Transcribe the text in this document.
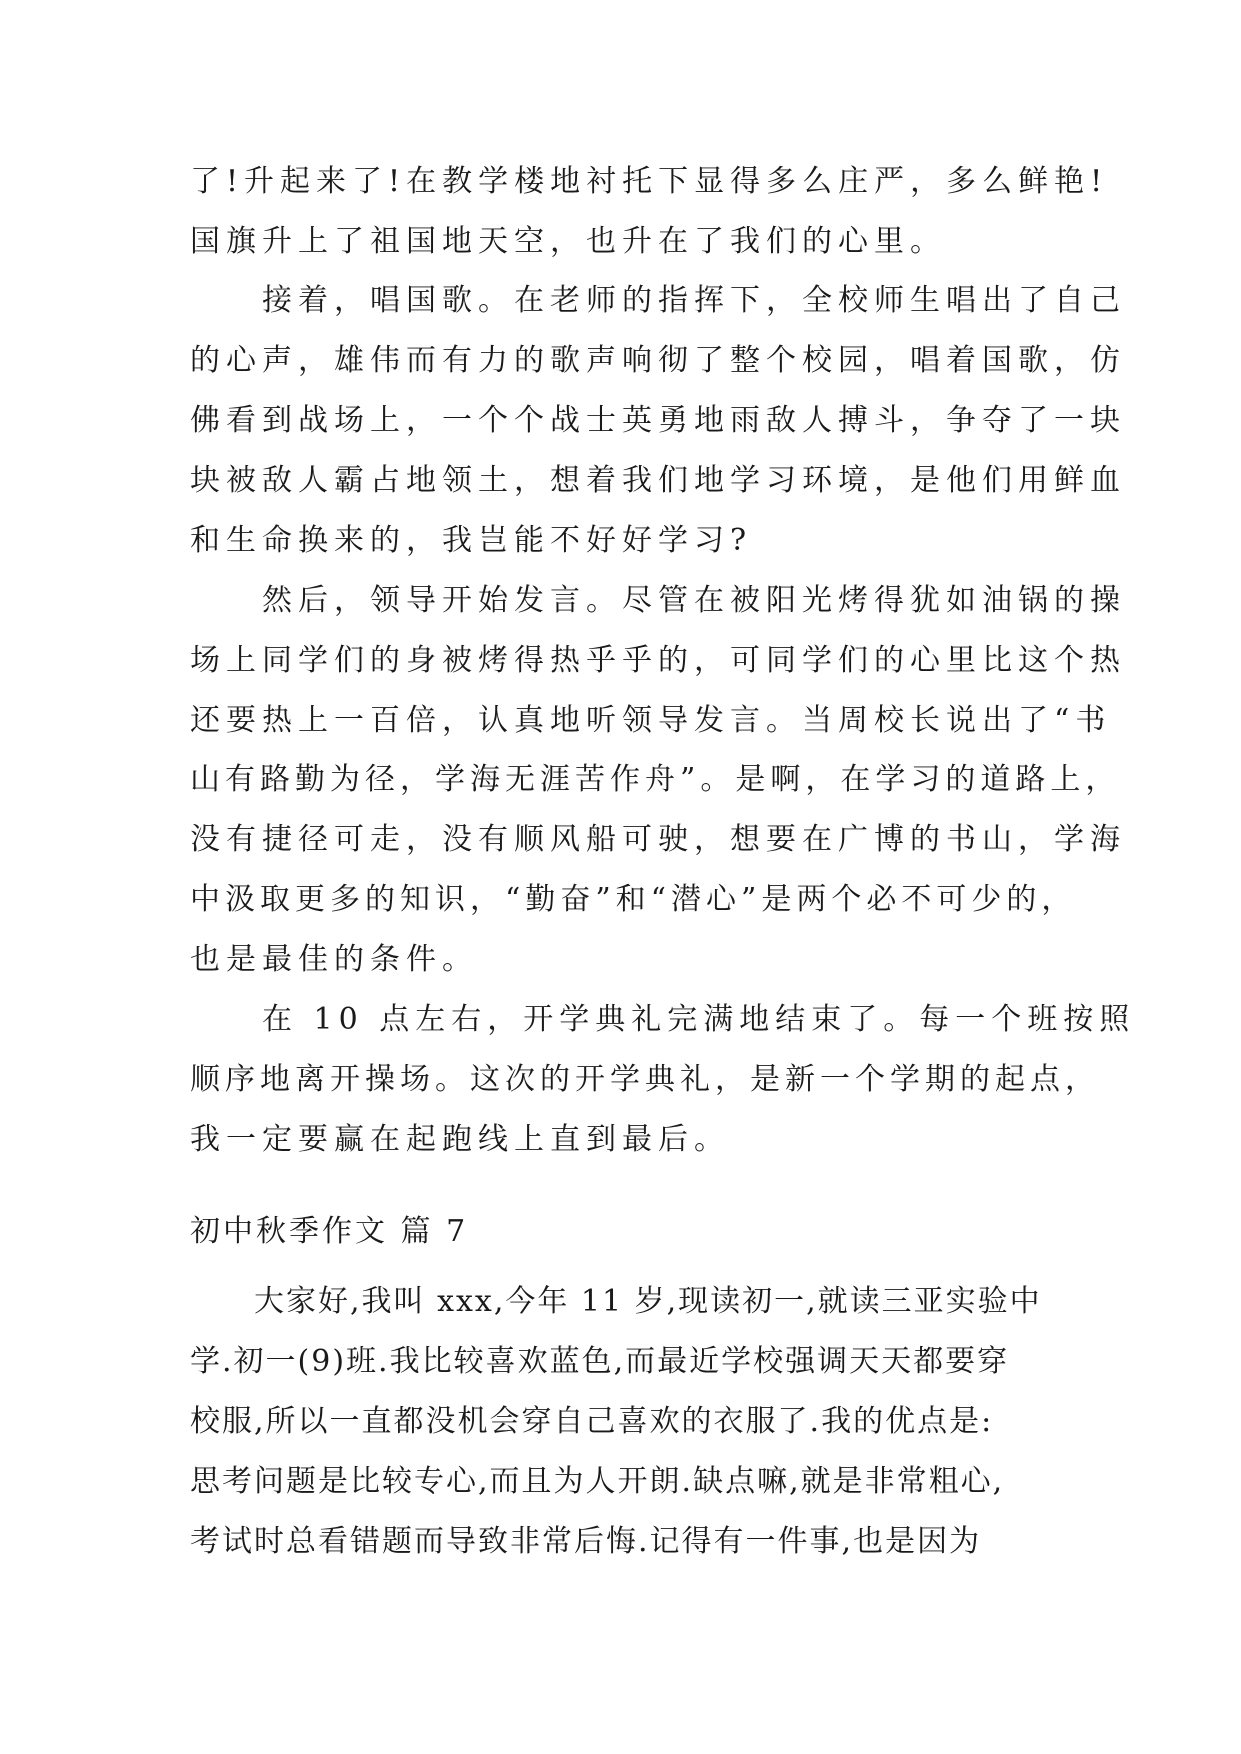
了!升起来了!在教学楼地衬托下显得多么庄严，多么鲜艳!
国旗升上了祖国地天空，也升在了我们的心里。
　　接着，唱国歌。在老师的指挥下，全校师生唱出了自己
的心声，雄伟而有力的歌声响彻了整个校园，唱着国歌，仿
佛看到战场上，一个个战士英勇地雨敌人搏斗，争夺了一块
块被敌人霸占地领土，想着我们地学习环境，是他们用鲜血
和生命换来的，我岂能不好好学习?
　　然后，领导开始发言。尽管在被阳光烤得犹如油锅的操
场上同学们的身被烤得热乎乎的，可同学们的心里比这个热
还要热上一百倍，认真地听领导发言。当周校长说出了“书
山有路勤为径，学海无涯苦作舟”。是啊，在学习的道路上，
没有捷径可走，没有顺风船可驶，想要在广博的书山，学海
中汲取更多的知识，“勤奋”和“潜心”是两个必不可少的，
也是最佳的条件。
　　在 10 点左右，开学典礼完满地结束了。每一个班按照
顺序地离开操场。这次的开学典礼，是新一个学期的起点，
我一定要赢在起跑线上直到最后。
初中秋季作文 篇 7
　　大家好,我叫 xxx,今年 11 岁,现读初一,就读三亚实验中
学.初一(9)班.我比较喜欢蓝色,而最近学校强调天天都要穿
校服,所以一直都没机会穿自己喜欢的衣服了.我的优点是:
思考问题是比较专心,而且为人开朗.缺点嘛,就是非常粗心,
考试时总看错题而导致非常后悔.记得有一件事,也是因为
